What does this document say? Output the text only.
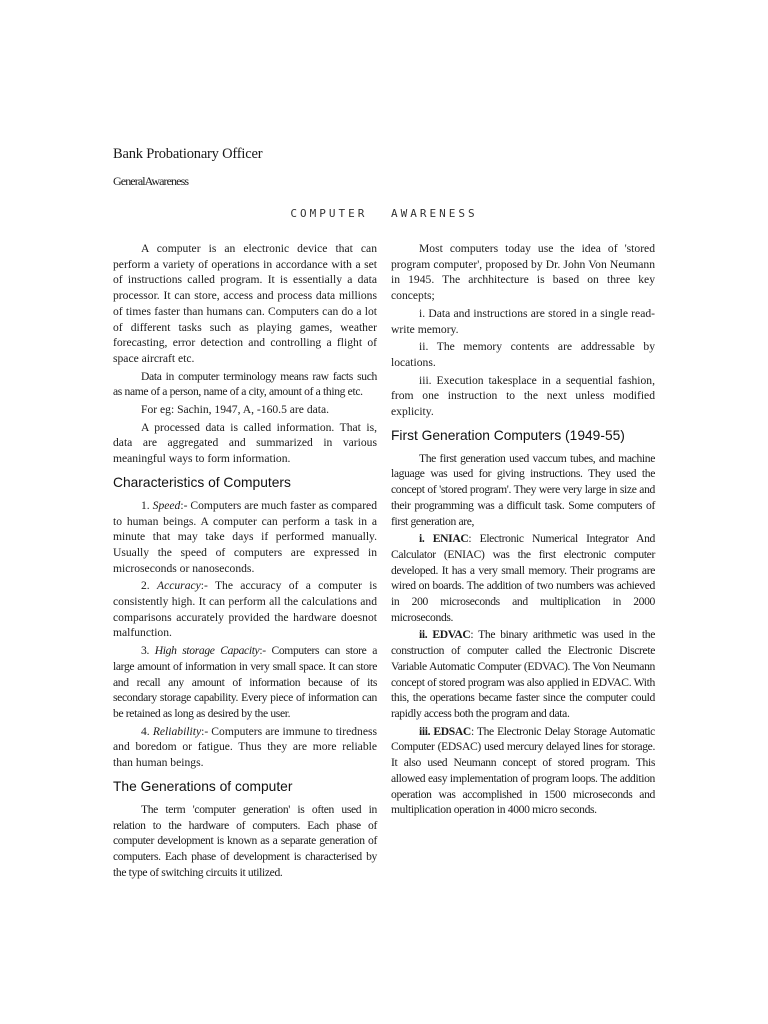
Bank Probationary Officer
GeneralAwareness
COMPUTER AWARENESS

A computer is an electronic device that can perform a variety of operations in accordance with a set of instructions called program. It is essentially a data processor. It can store, access and process data millions of times faster than humans can. Computers can do a lot of different tasks such as playing games, weather forecasting, error detection and controlling a flight of space aircraft etc.

Data in computer terminology means raw facts such as name of a person, name of a city, amount of a thing etc.

For eg: Sachin, 1947, A, -160.5 are data.

A processed data is called information. That is, data are aggregated and summarized in various meaningful ways to form information.

Characteristics of Computers

1. Speed:- Computers are much faster as compared to human beings. A computer can perform a task in a minute that may take days if performed manually. Usually the speed of computers are expressed in microseconds or nanoseconds.

2. Accuracy:- The accuracy of a computer is consistently high. It can perform all the calculations and comparisons accurately provided the hardware doesnot malfunction.

3. High storage Capacity:- Computers can store a large amount of information in very small space. It can store and recall any amount of information because of its secondary storage capability. Every piece of information can be retained as long as desired by the user.

4. Reliability:- Computers are immune to tiredness and boredom or fatigue. Thus they are more reliable than human beings.

The Generations of computer

The term 'computer generation' is often used in relation to the hardware of computers. Each phase of computer development is known as a separate generation of computers. Each phase of development is characterised by the type of switching circuits it utilized.

Most computers today use the idea of 'stored program computer', proposed by Dr. John Von Neumann in 1945. The archhitecture is based on three key concepts;

i. Data and instructions are stored in a single read-write memory.

ii. The memory contents are addressable by locations.

iii. Execution takesplace in a sequential fashion, from one instruction to the next unless modified explicity.

First Generation Computers (1949-55)

The first generation used vaccum tubes, and machine laguage was used for giving instructions. They used the concept of 'stored program'. They were very large in size and their programming was a difficult task. Some computers of first generation are,

i. ENIAC: Electronic Numerical Integrator And Calculator (ENIAC) was the first electronic computer developed. It has a very small memory. Their programs are wired on boards. The addition of two numbers was achieved in 200 microseconds and multiplication in 2000 microseconds.

ii. EDVAC: The binary arithmetic was used in the construction of computer called the Electronic Discrete Variable Automatic Computer (EDVAC). The Von Neumann concept of stored program was also applied in EDVAC. With this, the operations became faster since the computer could rapidly access both the program and data.

iii. EDSAC: The Electronic Delay Storage Automatic Computer (EDSAC) used mercury delayed lines for storage. It also used Neumann concept of stored program. This allowed easy implementation of program loops. The addition operation was accomplished in 1500 microseconds and multiplication operation in 4000 micro seconds.
